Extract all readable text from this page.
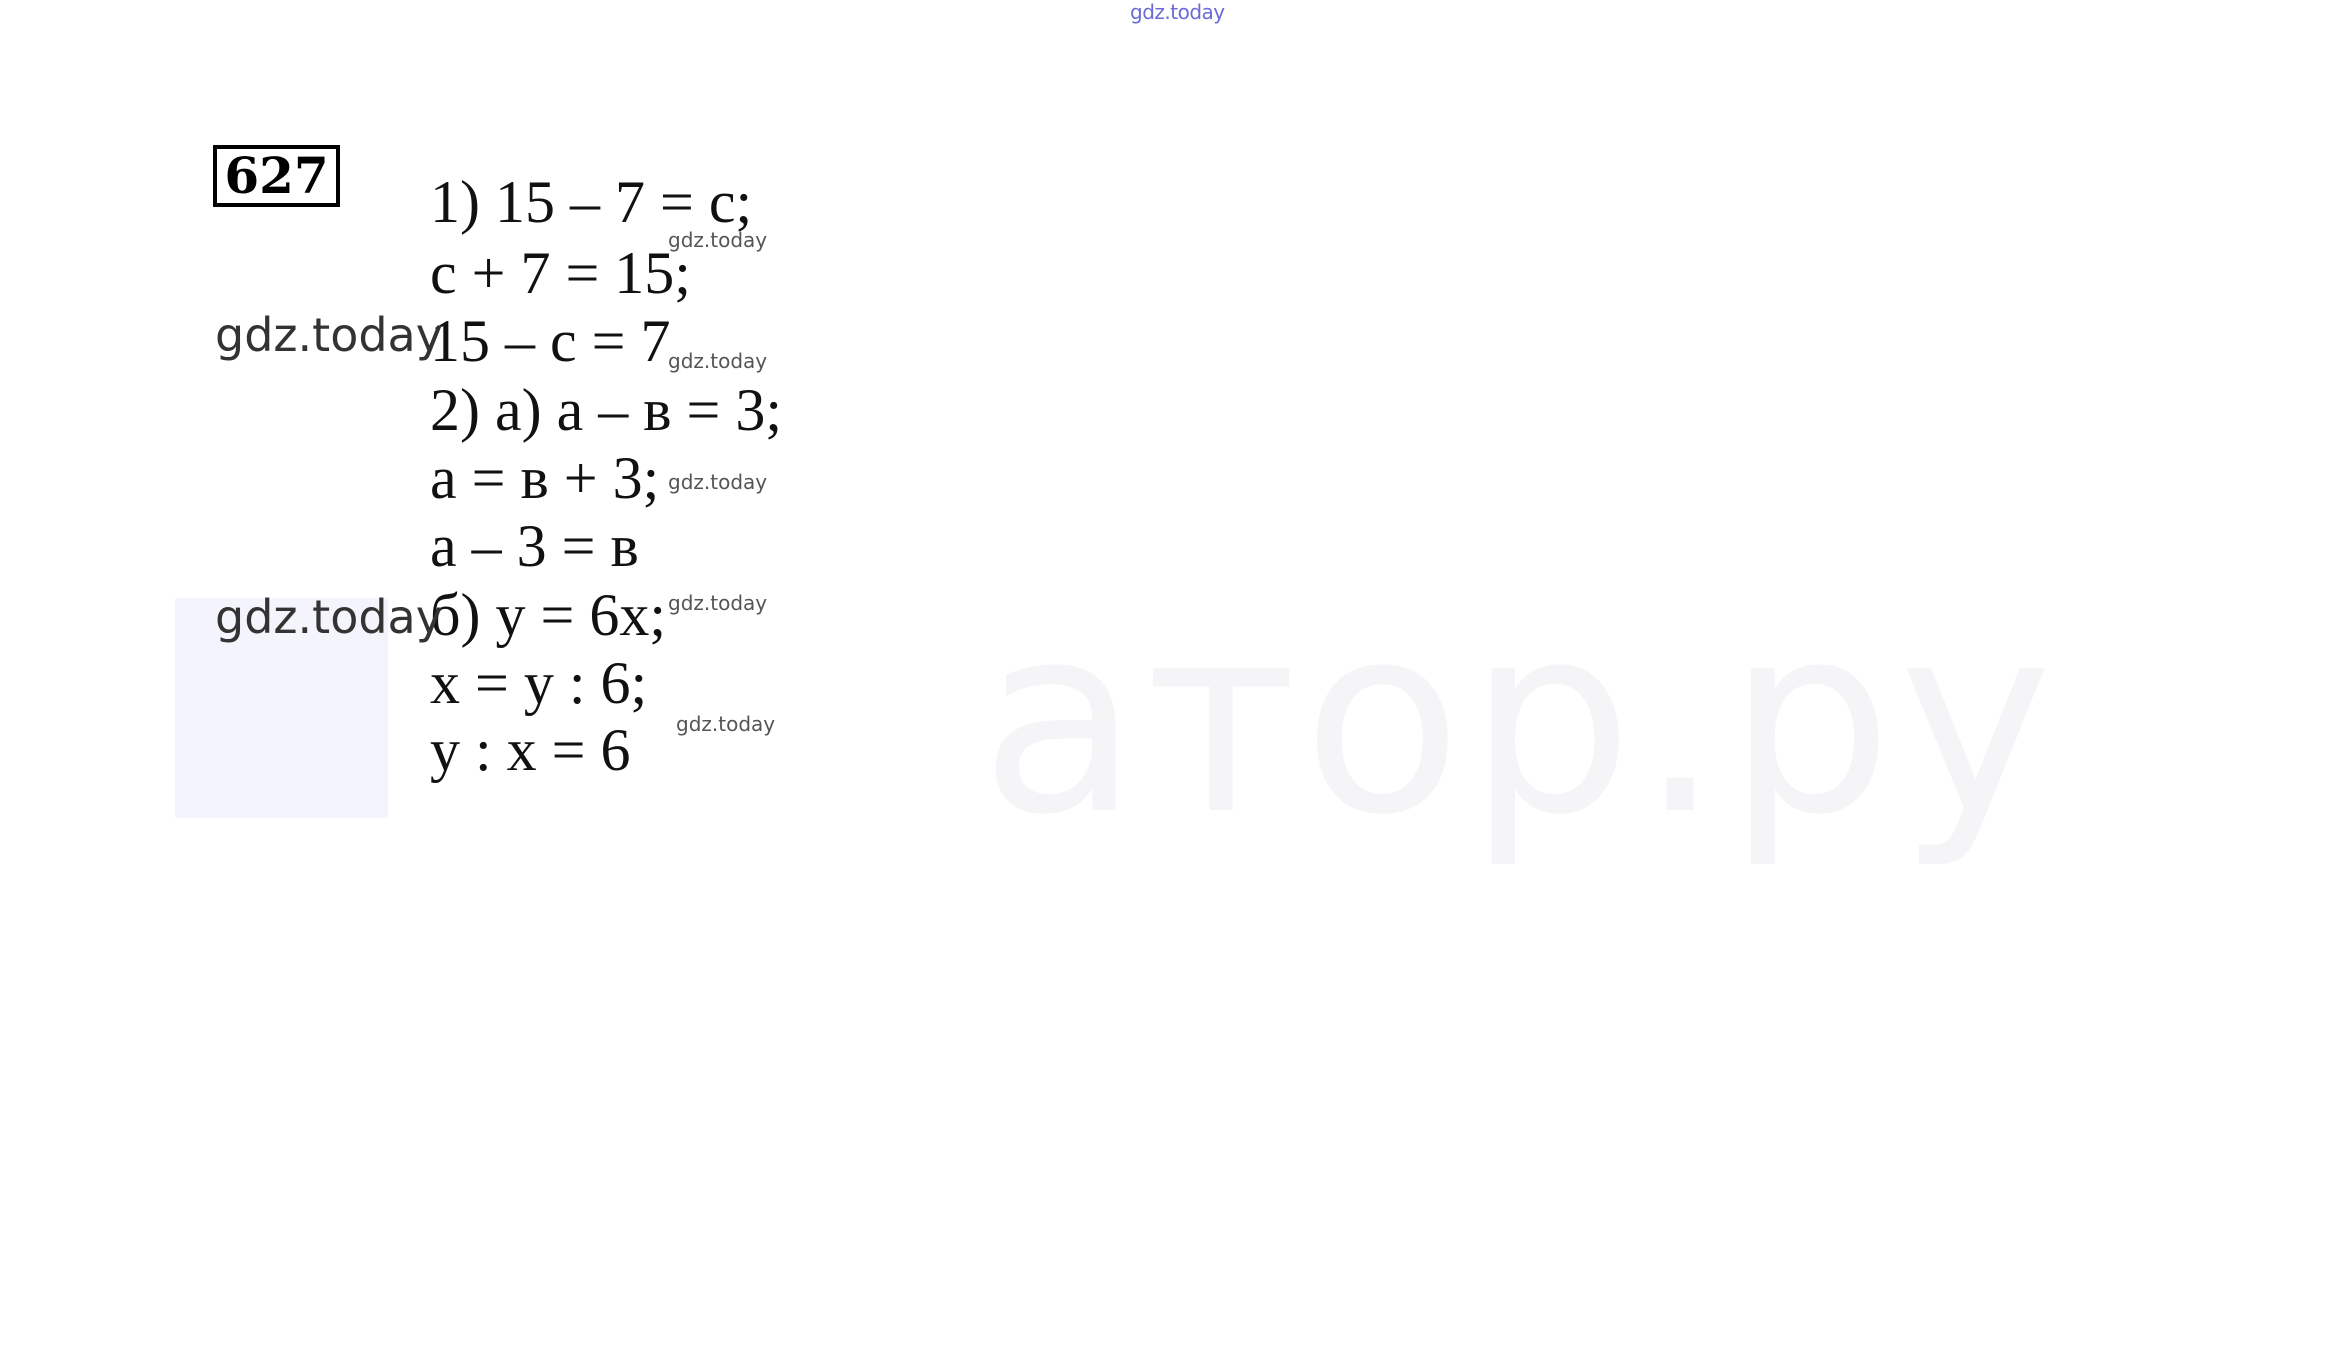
gdz.today
атор.ру
627 1) 15 – 7 = с;
с + 7 = 15;
15 – с = 7
2) а) а – в = 3;
а = в + 3;
а – 3 = в
б) у = 6х;
х = у : 6;
у : х = 6
gdz.today
gdz.today
gdz.today
gdz.today
gdz.today
gdz.today
gdz.today
